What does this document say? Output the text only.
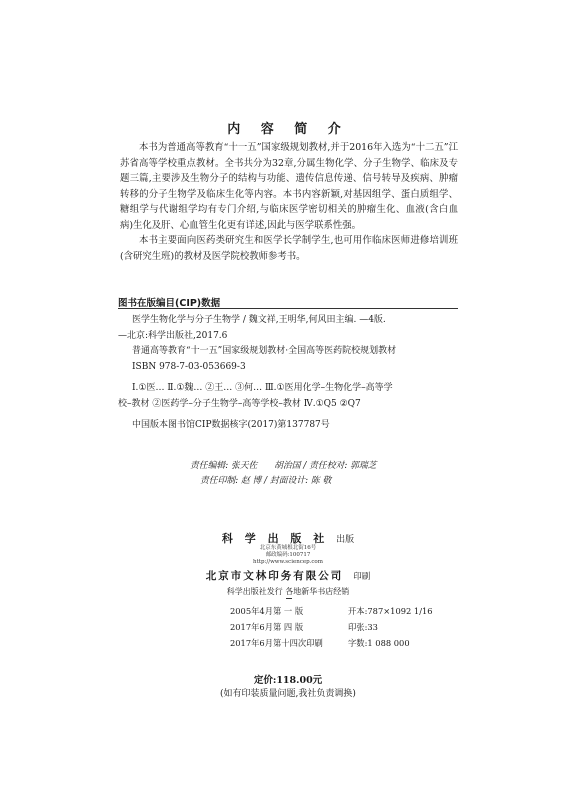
内 容 简 介

本书为普通高等教育“十一五”国家级规划教材,并于2016年入选为“十二五”江苏省高等学校重点教材。全书共分为32章,分属生物化学、分子生物学、临床及专题三篇,主要涉及生物分子的结构与功能、遗传信息传递、信号转导及疾病、肿瘤转移的分子生物学及临床生化等内容。本书内容新颖,对基因组学、蛋白质组学、糖组学与代谢组学均有专门介绍,与临床医学密切相关的肿瘤生化、血液(含白血病)生化及肝、心血管生化更有详述,因此与医学联系性强。

本书主要面向医药类研究生和医学长学制学生,也可用作临床医师进修培训班(含研究生班)的教材及医学院校教师参考书。

图书在版编目(CIP)数据
医学生物化学与分子生物学 / 魏文祥,王明华,何风田主编. —4版.
—北京:科学出版社,2017.6
普通高等教育“十一五”国家级规划教材·全国高等医药院校规划教材
ISBN 978-7-03-053669-3
Ⅰ.①医… Ⅱ.①魏… ②王… ③何… Ⅲ.①医用化学–生物化学–高等学
校–教材 ②医药学–分子生物学–高等学校–教材 Ⅳ.①Q5 ②Q7
中国版本图书馆CIP数据核字(2017)第137787号
责任编辑: 张天佐 胡治国 / 责任校对: 郭瑞芝
责任印制: 赵 博 / 封面设计: 陈 敬
科 学 出 版 社 出版
北京东黄城根北街16号
邮政编码:100717
http://www.sciencep.com
北京市文林印务有限公司 印刷
科学出版社发行 各地新华书店经销
2005年4月第 一 版	开本:787×1092 1/16
2017年6月第 四 版	印张:33
2017年6月第十四次印刷	字数:1 088 000
定价:118.00元
(如有印装质量问题,我社负责调换)
